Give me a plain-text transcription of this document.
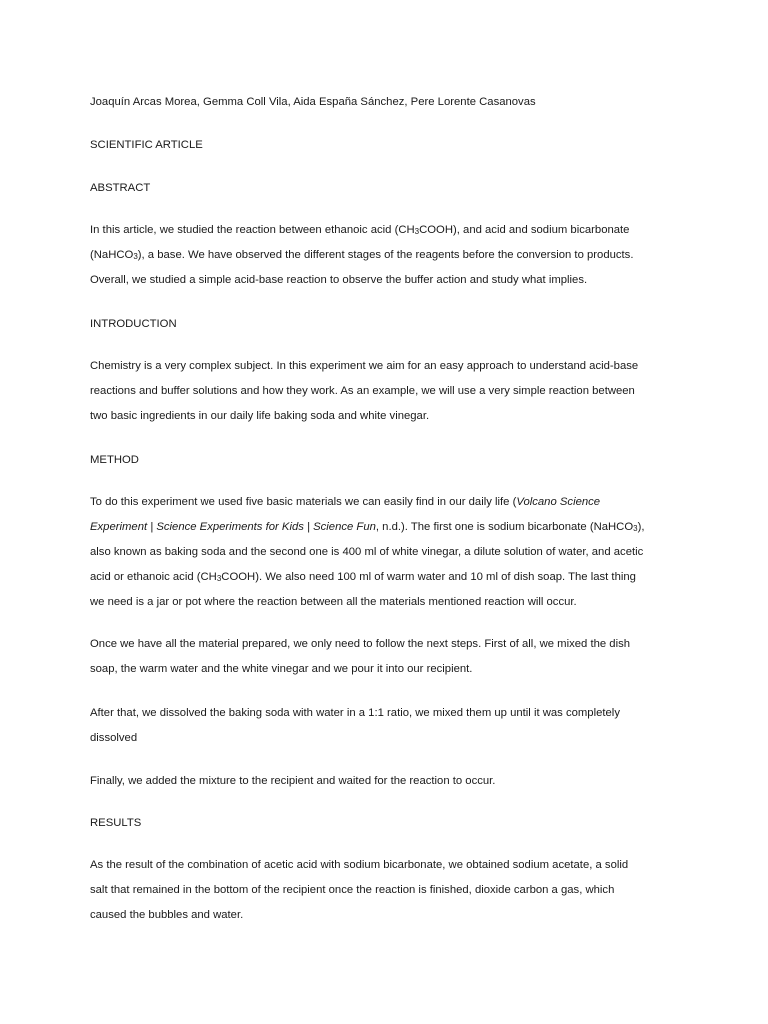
Joaquín Arcas Morea, Gemma Coll Vila, Aida España Sánchez, Pere Lorente Casanovas

SCIENTIFIC ARTICLE

ABSTRACT

In this article, we studied the reaction between ethanoic acid $(CH_3COOH)$, and acid and sodium bicarbonate
(NaHCO$_3$), a base. We have observed the different stages of the reagents before the conversion to products.
Overall, we studied a simple acid-base reaction to observe the buffer action and study what implies.

INTRODUCTION

Chemistry is a very complex subject. In this experiment we aim for an easy approach to understand acid-base
reactions and buffer solutions and how they work. As an example, we will use a very simple reaction between
two basic ingredients in our daily life baking soda and white vinegar.

METHOD

To do this experiment we used five basic materials we can easily find in our daily life (Volcano Science
Experiment | Science Experiments for Kids | Science Fun, n.d.). The first one is sodium bicarbonate (NaHCO$_3$),
also known as baking soda and the second one is 400 ml of white vinegar, a dilute solution of water, and acetic
acid or ethanoic acid $(CH_3COOH)$. We also need 100 ml of warm water and 10 ml of dish soap. The last thing
we need is a jar or pot where the reaction between all the materials mentioned reaction will occur.

Once we have all the material prepared, we only need to follow the next steps. First of all, we mixed the dish
soap, the warm water and the white vinegar and we pour it into our recipient.

After that, we dissolved the baking soda with water in a 1:1 ratio, we mixed them up until it was completely
dissolved

Finally, we added the mixture to the recipient and waited for the reaction to occur.

RESULTS

As the result of the combination of acetic acid with sodium bicarbonate, we obtained sodium acetate, a solid
salt that remained in the bottom of the recipient once the reaction is finished, dioxide carbon a gas, which
caused the bubbles and water.
